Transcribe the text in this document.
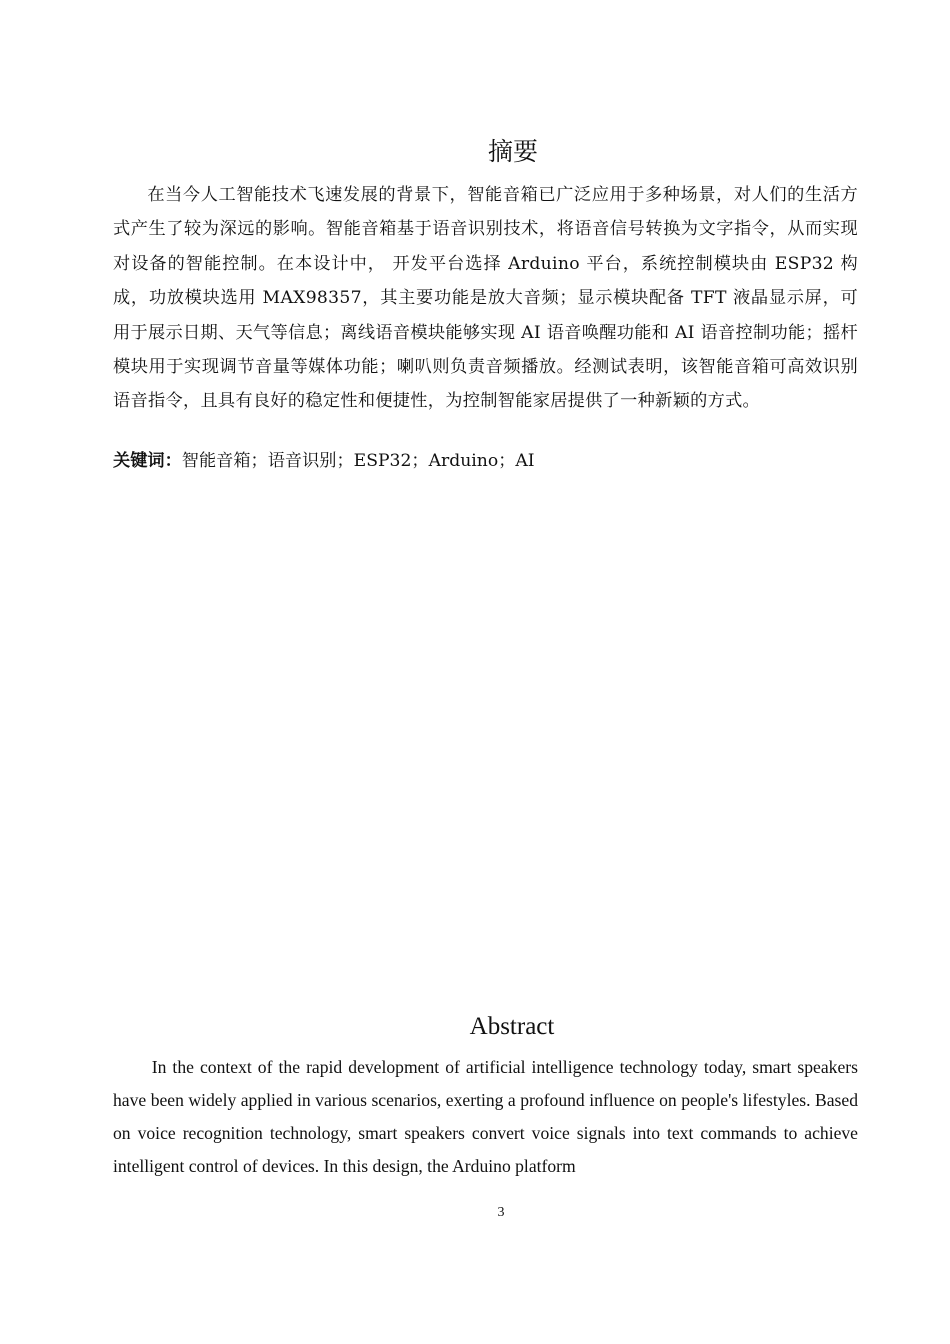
摘要

在当今人工智能技术飞速发展的背景下，智能音箱已广泛应用于多种场景，对人们的生活方式产生了较为深远的影响。智能音箱基于语音识别技术，将语音信号转换为文字指令，从而实现对设备的智能控制。在本设计中， 开发平台选择 Arduino 平台，系统控制模块由 ESP32 构成，功放模块选用 MAX98357，其主要功能是放大音频；显示模块配备 TFT 液晶显示屏，可用于展示日期、天气等信息；离线语音模块能够实现 AI 语音唤醒功能和 AI 语音控制功能；摇杆模块用于实现调节音量等媒体功能；喇叭则负责音频播放。经测试表明，该智能音箱可高效识别语音指令，且具有良好的稳定性和便捷性，为控制智能家居提供了一种新颖的方式。

关键词：智能音箱；语音识别；ESP32；Arduino；AI

Abstract

In the context of the rapid development of artificial intelligence technology today, smart speakers have been widely applied in various scenarios, exerting a profound influence on people's lifestyles. Based on voice recognition technology, smart speakers convert voice signals into text commands to achieve intelligent control of devices. In this design, the Arduino platform

3
